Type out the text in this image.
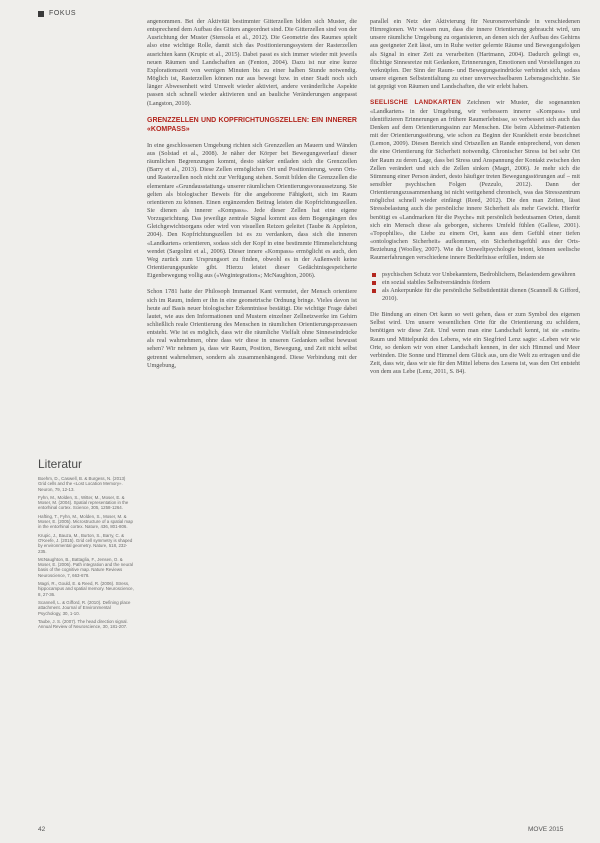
FOKUS

angenommen. Bei der Aktivität bestimmter Gitterzellen bilden sich Muster, die entsprechend dem Aufbau des Gitters angeordnet sind. Die Gitterzellen sind von der Ausrichtung der Muster (Stensola et al., 2012). Die Geometrie des Raumes spielt also eine wichtige Rolle, damit sich das Positionierungssystem der Rasterzellen ausrichten kann (Krupic et al., 2015). Dabei passt es sich immer wieder mit jeweils neuen Räumen und Landschaften an (Fenton, 2004). Dazu ist nur eine kurze Explorationszeit von wenigen Minuten bis zu einer halben Stunde notwendig. Möglich ist, Rasterzellen können nur aus bewegt bzw. in einer Stadt noch sich länger Abwesenheit wird Umwelt wieder aktiviert, andere veränderliche Aspekte passen sich schnell wieder aktivieren und an bauliche Veränderungen angepasst (Langston, 2010).

GRENZZELLEN UND KOPFRICHTUNGSZELLEN: EIN INNERER «KOMPASS»

In eine geschlossenen Umgebung richten sich Grenzzellen an Mauern und Wänden aus (Solstad et al., 2008). Je näher der Körper bei Bewegungsverlauf dieser räumlichen Begrenzungen kommt, desto stärker entladen sich die Grenzzellen (Barry et al., 2013). Diese Zellen ermöglichen Ort und Positionierung, wenn Orts- und Rasterzellen noch nicht zur Verfügung stehen. Somit bilden die Grenzzellen die elementare «Grundausstattung» unserer räumlichen Orientierungsvoraussetzung. Sie gelten als biologischer Beweis für die angeborene Fähigkeit, sich im Raum orientieren zu können. Einen ergänzenden Beitrag leisten die Kopfrichtungszellen. Sie dienen als innerer «Kompass». Jede dieser Zellen hat eine eigene Vorzugsrichtung. Das jeweilige zentrale Signal kommt aus dem Bogengängen des Gleichgewichtsorgans oder wird von visuellen Reizen geleitet (Taube & Appleton, 2004). Den Kopfrichtungszellen ist es zu verdanken, dass sich die inneren «Landkarten» orientieren, sodass sich der Kopf in eine bestimmte Himmelsrichtung wendet (Sargolini et al., 2006). Dieser innere «Kompass» ermöglicht es auch, den Weg zurück zum Ursprungsort zu finden, obwohl es in der Außenwelt keine Orientierungspunkte gibt. Hierzu leistet dieser Gedächtnisgespeicherte Eigenbewegung vollig aus («Wegintegration»; McNaughton, 2006).

Schon 1781 hatte der Philosoph Immanuel Kant vermutet, der Mensch orientiere sich im Raum, indem er ihn in eine geometrische Ordnung bringe. Vieles davon ist heute auf Basis neuer biologischer Erkenntnisse bestätigt. Die wichtige Frage dabei lautet, wie aus den Informationen und Mustern einzelner Zellnetzwerke im Gehirn schließlich reale Orientierung des Menschen in räumlichen Orientierungsprozessen entsteht. Wie ist es möglich, dass wir die räumliche Vielfalt ohne Sinneseindrücke als real wahrnehmen, ohne dass wir diese in unseren Gedanken selbst bewusst sehen? Wir nehmen ja, dass wir Raum, Position, Bewegung, und Zeit nicht selbst getrennt wahrnehmen, sondern als zusammenhängend. Diese Verbindung mit der Umgebung,

parallel ein Netz der Aktivierung für Neuronenverbände in verschiedenen Hirnregionen. Wir wissen nun, dass die innere Orientierung gebraucht wird, um unsere räumliche Umgebung zu organisieren, an denen sich der Aufbau des Gehirns aus geeigneter Zeit lässt, um in Ruhe weiter gelernte Räume und Bewegungsfolgen als Signal in einer Zeit zu verarbeiten (Hartmann, 2004). Dadurch gelingt es, flüchtige Sinnesreize mit Gedanken, Erinnerungen, Emotionen und Vorstellungen zu verknüpfen. Der Sinn der Raum- und Bewegungseindrücke verbindet sich, sodass unsere eigenen Selbstentfaltung zu einer unverwechselbaren Lebensgeschichte. Sie ist geprägt von Räumen und Landschaften, die wir erlebt haben.

SEELISCHE LANDKARTEN Zeichnen wir Muster, die sogenannten «Landkarten» in der Umgebung, wir verbessern innerer «Kompass» und identifizieren Erinnerungen an frühere Raumerlebnisse, so verbessert sich auch das Denken auf dem Orientierungssinn zur Menschen. Die beim Alzheimer-Patienten mit der Orientierungsstörung, wie schon zu Beginn der Krankheit erste bezeichnet (Lemon, 2009). Diesen Bereich sind Ortszellen an Rande entsprechend, von denen die eine Orientierung für Sicherheit notwendig. Chronischer Stress ist bei sehr Ort der Raum zu deren Lage, dass bei Stress und Anspannung der Kontakt zwischen den Zellen verändert und sich die Zellen sinken (Magri, 2006). Je mehr sich die Stimmung einer Person ändert, desto häufiger treten Bewegungsstörungen auf – mit sensibler psychischen Folgen (Pezzulo, 2012). Dann der Orientierungszusammenhang ist nicht weitgehend chronisch, was das Stresszentrum möglichst schnell wieder einfängt (Reed, 2012). Die den man Zeiten, lässt Stressbelastung auch die persönliche innere Sicherheit als mehr Gewicht. Hierfür benötigt es «Landmarken für die Psyche» mit persönlich bedeutsamen Orten, damit sich ein Mensch diese als geborgen, sicheres Umfeld fühlen (Gallese, 2001). «Topophilie», die Liebe zu einem Ort, kann aus dem Gefühl einer tiefen «ontologischen Sicherheit» aufkommen, ein Sicherheitsgefühl aus der Orts-Beziehung (Woolley, 2007). Wie die Umweltpsychologie betont, können seelische Raumerfahrungen verschiedene innere Bedürfnisse erfüllen, indem sie

psychischen Schutz vor Unbekanntem, Bedrohlichem, Belastendem gewähren
ein sozial stabiles Selbstverständnis fördern
als Ankerpunkte für die persönliche Selbstidentität dienen (Scannell & Gifford, 2010).

Die Bindung an einen Ort kann so weit gehen, dass er zum Symbol des eigenen Selbst wird. Um unsere wesentlichen Orte für die Orientierung zu schildern, benötigen wir diese Zeit. Und wenn man eine Landschaft kennt, ist sie «mein» Raum und Mittelpunkt des Lebens, wie ein Siegfried Lenz sagte: «Leben wir wie Orte, so denken wir von einer Landschaft kennen, in der sich Himmel und Meer verbinden. Die Sonne und Himmel dem Glück aus, um die Welt zu ertragen und die Zeit, dass wir, dass wir sie für den Mittel lebens des Lesens ist, was den Ort entsteht von dem aus Lebe (Lenz, 2011, S. 84).

Literatur
Boehm, D., Caswell, B. & Burgess, N. (2013) Grid cells and the «Lost Location Memory». Neuron, 79, 12-13.
Fyhn, M., Molden, S., Witter, M., Moser, E. & Moser, M. (2004). Spatial representation in the entorhinal cortex. Science, 305, 1258-1264.
Hafting, T., Fyhn, M., Molden, S., Moser, M. & Moser, E. (2005). Microstructure of a spatial map in the entorhinal cortex. Nature, 436, 801-806.
Krupic, J., Bauza, M., Burton, S., Barry, C. & O'Keefe, J. (2015). Grid cell symmetry is shaped by environmental geometry. Nature, 518, 232-235.
McNaughton, B., Battaglia, F., Jensen, O. & Moser, E. (2006). Path integration and the neural basis of the cognitive map. Nature Reviews Neuroscience, 7, 663-678.
Magri, R., Gould, E. & Reed, R. (2006). Stress, hippocampus and spatial memory. Neuroscience, 8, 27-36.
Scannell, L. & Gifford, R. (2010). Defining place attachment. Journal of Environmental Psychology, 30, 1-10.
Taube, J. S. (2007). The head direction signal. Annual Review of Neuroscience, 30, 181-207.
42	MOVE 2015
